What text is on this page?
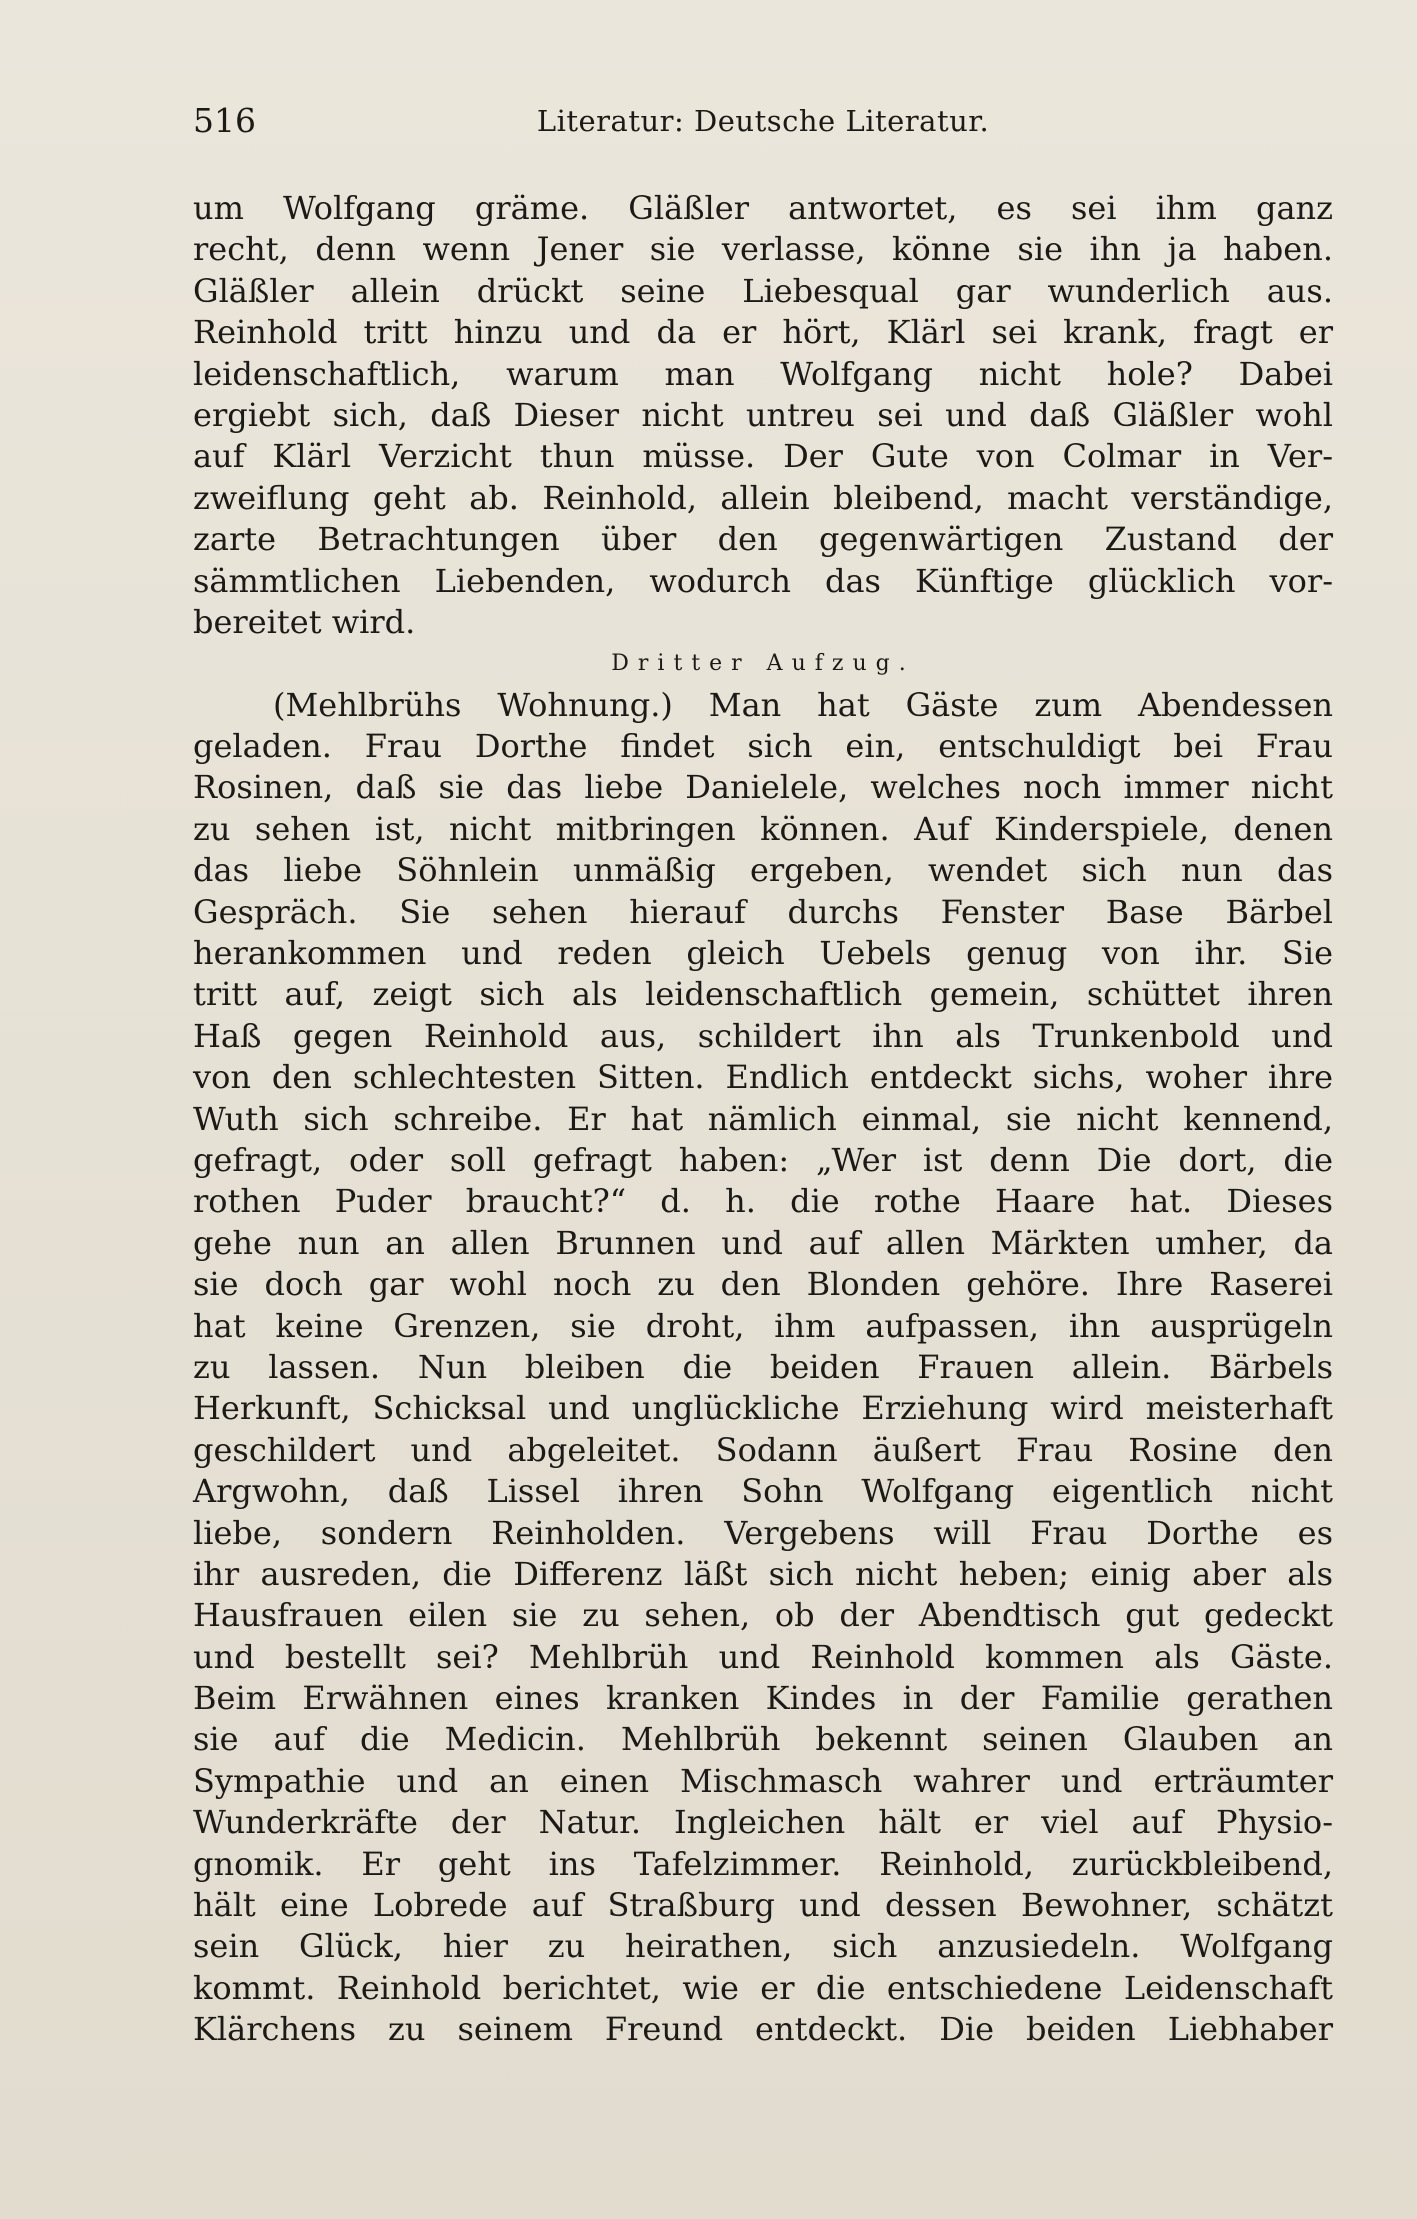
516	Literatur: Deutsche Literatur.
um Wolfgang gräme. Gläßler antwortet, es sei ihm ganz
recht, denn wenn Jener sie verlasse, könne sie ihn ja haben.
Gläßler allein drückt seine Liebesqual gar wunderlich aus.
Reinhold tritt hinzu und da er hört, Klärl sei krank, fragt er
leidenschaftlich, warum man Wolfgang nicht hole? Dabei
ergiebt sich, daß Dieser nicht untreu sei und daß Gläßler wohl
auf Klärl Verzicht thun müsse. Der Gute von Colmar in Ver-
zweiflung geht ab. Reinhold, allein bleibend, macht verständige,
zarte Betrachtungen über den gegenwärtigen Zustand der
sämmtlichen Liebenden, wodurch das Künftige glücklich vor-
bereitet wird.
Dritter Aufzug.
(Mehlbrühs Wohnung.) Man hat Gäste zum Abendessen
geladen. Frau Dorthe findet sich ein, entschuldigt bei Frau
Rosinen, daß sie das liebe Danielele, welches noch immer nicht
zu sehen ist, nicht mitbringen können. Auf Kinderspiele, denen
das liebe Söhnlein unmäßig ergeben, wendet sich nun das
Gespräch. Sie sehen hierauf durchs Fenster Base Bärbel
herankommen und reden gleich Uebels genug von ihr. Sie
tritt auf, zeigt sich als leidenschaftlich gemein, schüttet ihren
Haß gegen Reinhold aus, schildert ihn als Trunkenbold und
von den schlechtesten Sitten. Endlich entdeckt sichs, woher ihre
Wuth sich schreibe. Er hat nämlich einmal, sie nicht kennend,
gefragt, oder soll gefragt haben: „Wer ist denn Die dort, die
rothen Puder braucht?“ d. h. die rothe Haare hat. Dieses
gehe nun an allen Brunnen und auf allen Märkten umher, da
sie doch gar wohl noch zu den Blonden gehöre. Ihre Raserei
hat keine Grenzen, sie droht, ihm aufpassen, ihn ausprügeln
zu lassen. Nun bleiben die beiden Frauen allein. Bärbels
Herkunft, Schicksal und unglückliche Erziehung wird meisterhaft
geschildert und abgeleitet. Sodann äußert Frau Rosine den
Argwohn, daß Lissel ihren Sohn Wolfgang eigentlich nicht
liebe, sondern Reinholden. Vergebens will Frau Dorthe es
ihr ausreden, die Differenz läßt sich nicht heben; einig aber als
Hausfrauen eilen sie zu sehen, ob der Abendtisch gut gedeckt
und bestellt sei? Mehlbrüh und Reinhold kommen als Gäste.
Beim Erwähnen eines kranken Kindes in der Familie gerathen
sie auf die Medicin. Mehlbrüh bekennt seinen Glauben an
Sympathie und an einen Mischmasch wahrer und erträumter
Wunderkräfte der Natur. Ingleichen hält er viel auf Physio-
gnomik. Er geht ins Tafelzimmer. Reinhold, zurückbleibend,
hält eine Lobrede auf Straßburg und dessen Bewohner, schätzt
sein Glück, hier zu heirathen, sich anzusiedeln. Wolfgang
kommt. Reinhold berichtet, wie er die entschiedene Leidenschaft
Klärchens zu seinem Freund entdeckt. Die beiden Liebhaber
